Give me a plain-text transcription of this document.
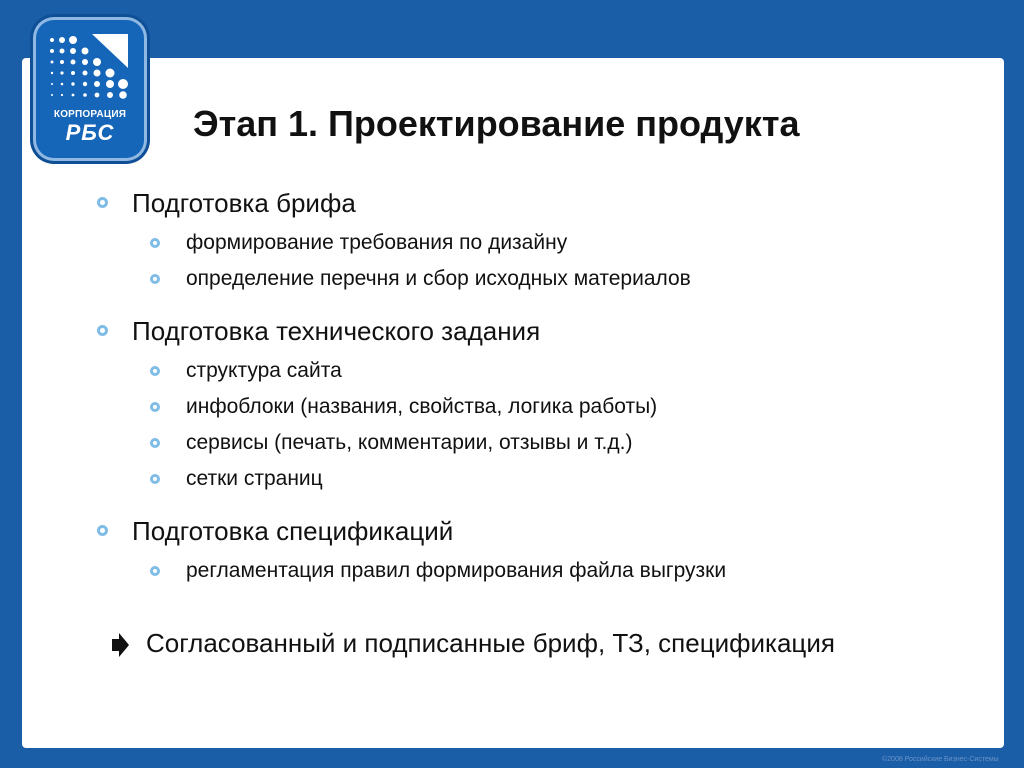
КОРПОРАЦИЯ
РБС	Этап 1. Проектирование продукта
Подготовка брифа
формирование требования по дизайну
определение перечня и сбор исходных материалов
Подготовка технического задания
структура сайта
инфоблоки (названия, свойства, логика работы)
сервисы (печать, комментарии, отзывы и т.д.)
сетки страниц
Подготовка спецификаций
регламентация правил формирования файла выгрузки
Согласованный и подписанные бриф, ТЗ, спецификация
©2008 Российские Бизнес-Системы
